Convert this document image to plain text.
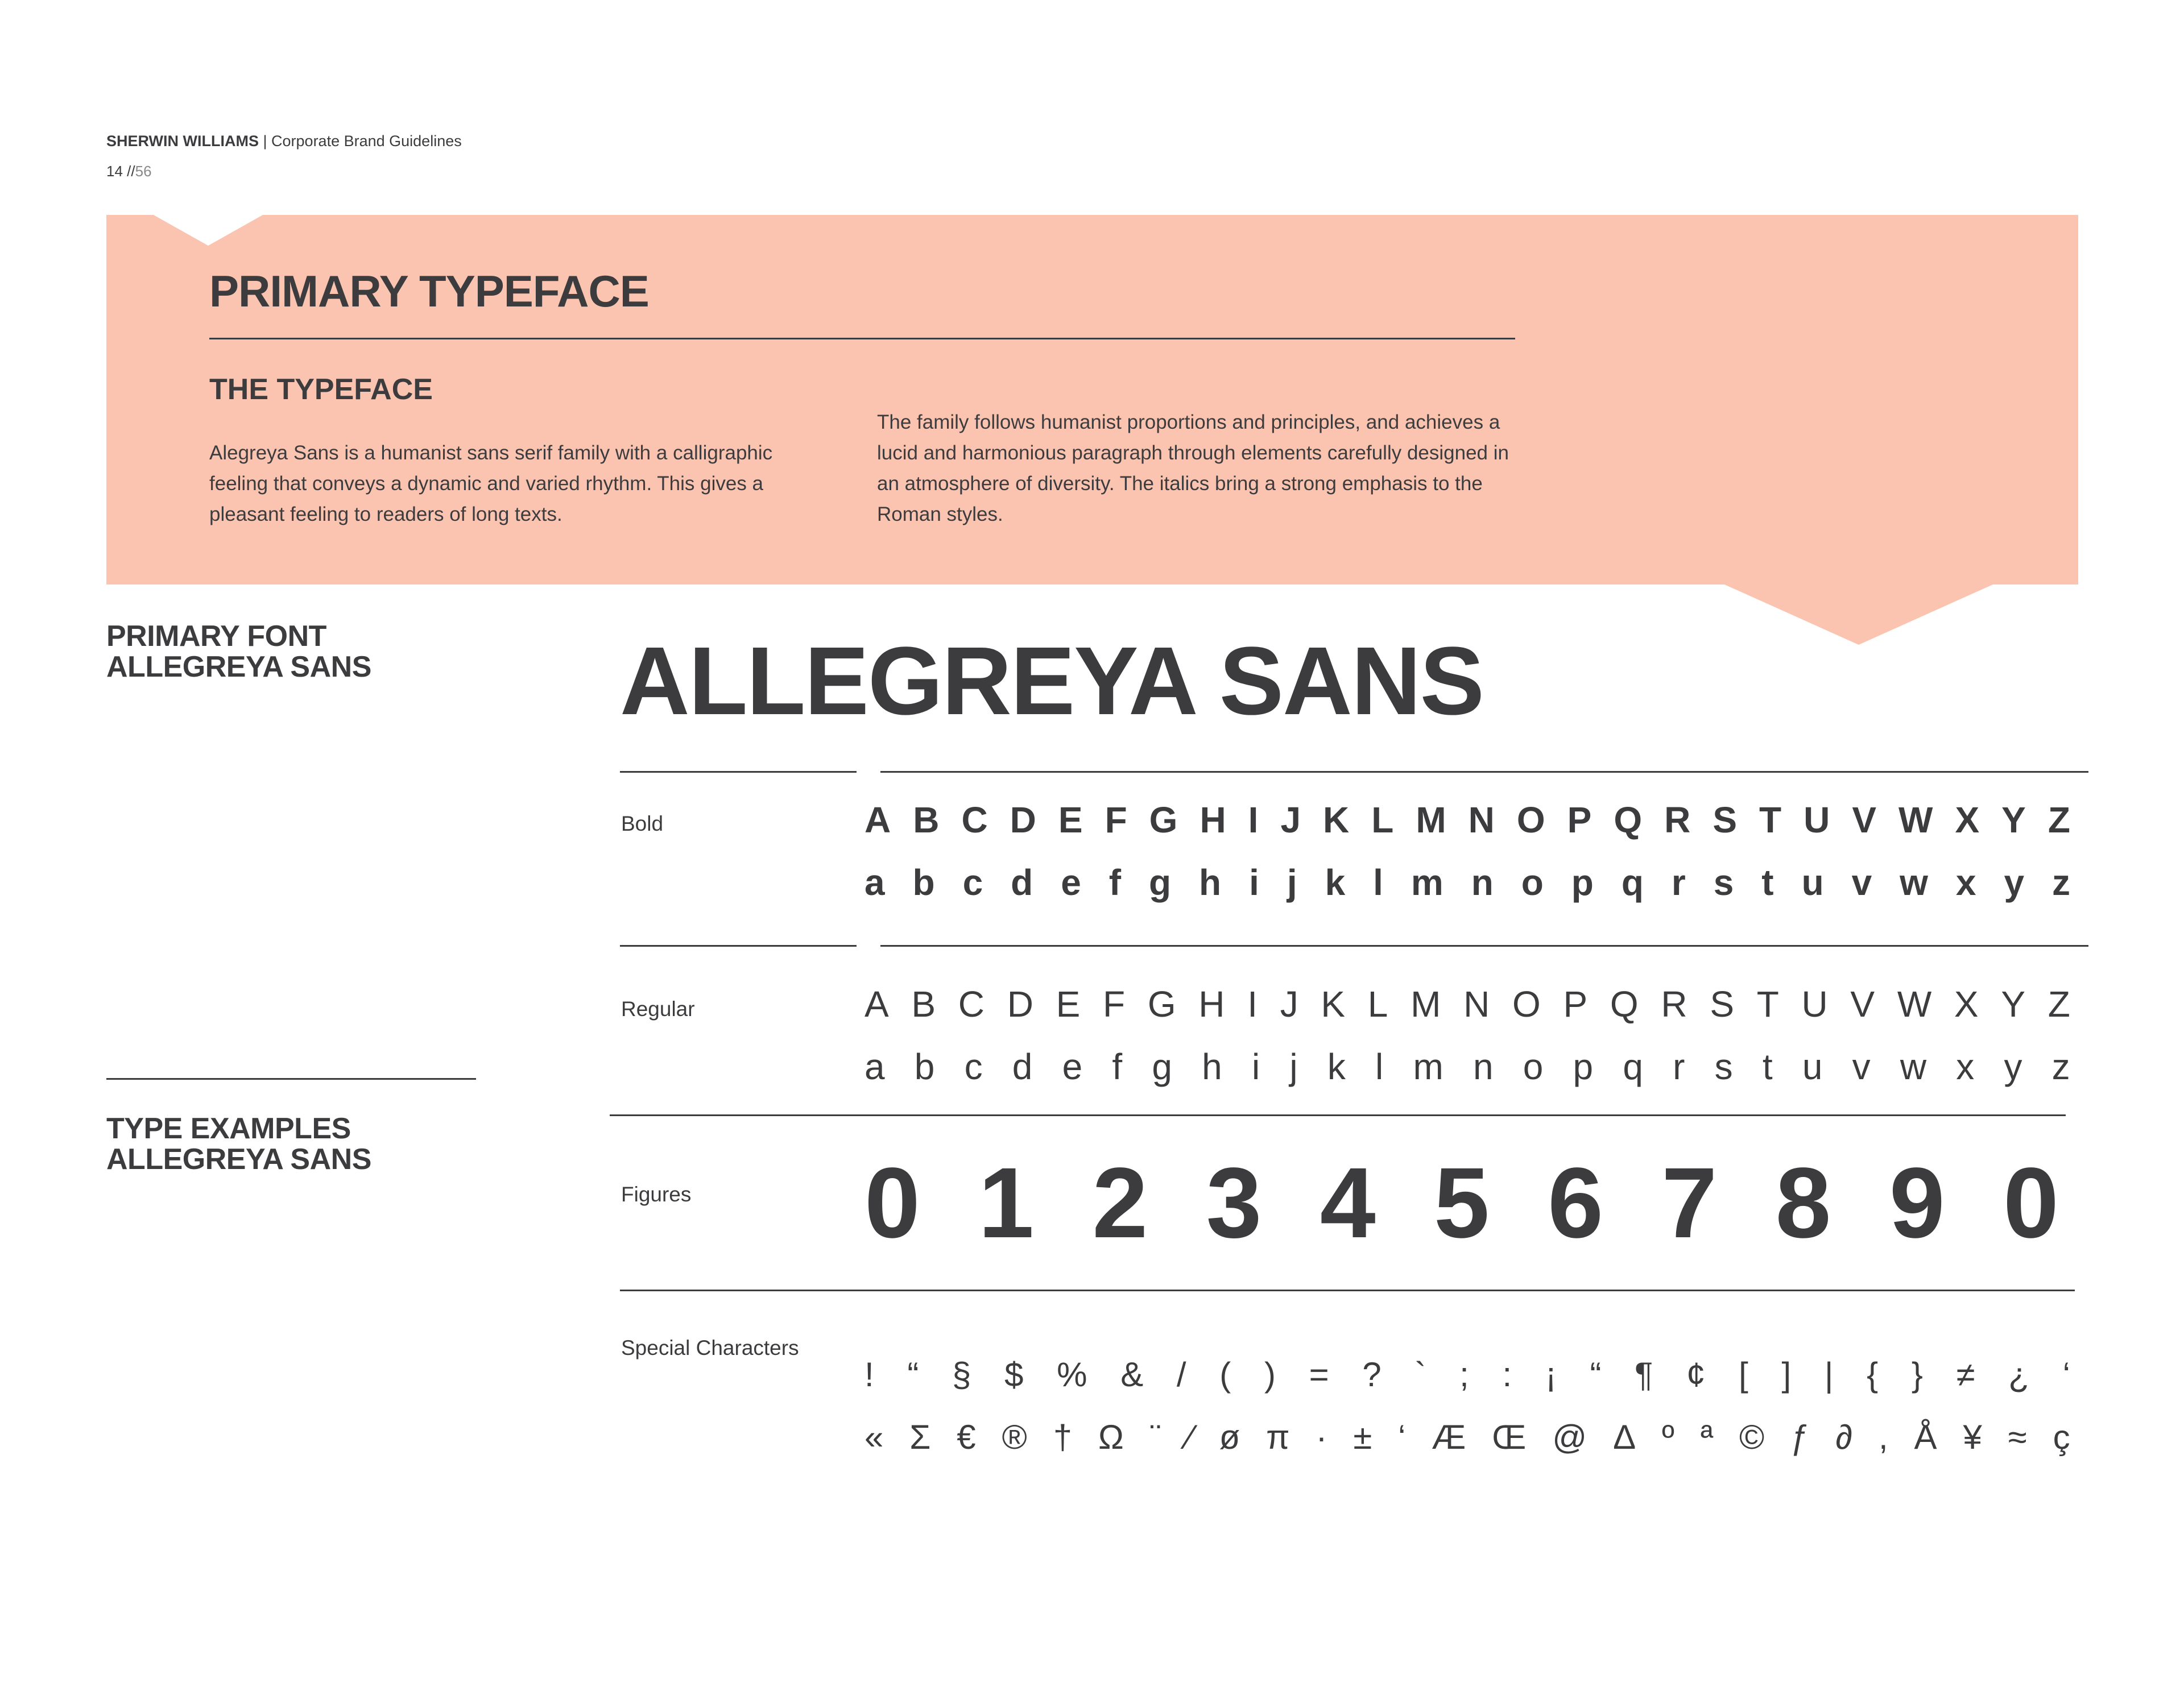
SHERWIN WILLIAMS | Corporate Brand Guidelines
14 //56
PRIMARY TYPEFACE
THE TYPEFACE
Alegreya Sans is a humanist sans serif family with a calligraphic feeling that conveys a dynamic and varied rhythm. This gives a pleasant feeling to readers of long texts.
The family follows humanist proportions and principles, and achieves a lucid and harmonious paragraph through elements carefully designed in an atmosphere of diversity. The italics bring a strong emphasis to the Roman styles.
PRIMARY FONT
ALLEGREYA SANS
TYPE EXAMPLES
ALLEGREYA SANS
ALLEGREYA SANS
Bold
Regular
Figures
Special Characters
A B C D E F G H I J K L M N O P Q R S T U V W X Y Z
a b c d e f g h i j k l m n o p q r s t u v w x y z
A B C D E F G H I J K L M N O P Q R S T U V W X Y Z
a b c d e f g h i j k l m n o p q r s t u v w x y z
0 1 2 3 4 5 6 7 8 9 0
! “ § $ % & / ( ) = ? ` ; : ¡ “ ¶ ¢ [ ] | { } ≠ ¿ ‘
« Σ € ® † Ω ¨ ⁄ ø π · ± ‘ Æ Œ @ Δ º ª © ƒ ∂ , Å ¥ ≈ ç
